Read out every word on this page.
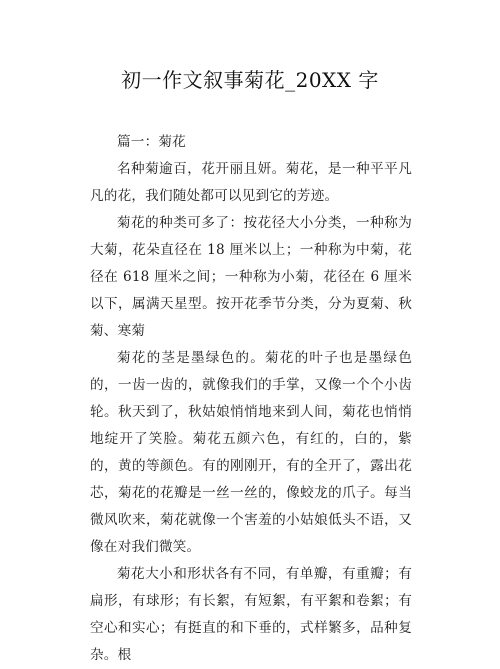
初一作文叙事菊花_20XX 字

篇一：菊花

名种菊逾百，花开丽且妍。菊花，是一种平平凡凡的花，我们随处都可以见到它的芳迹。

菊花的种类可多了：按花径大小分类，一种称为大菊，花朵直径在 18 厘米以上；一种称为中菊，花径在 618 厘米之间；一种称为小菊，花径在 6 厘米以下，属满天星型。按开花季节分类，分为夏菊、秋菊、寒菊

菊花的茎是墨绿色的。菊花的叶子也是墨绿色的，一齿一齿的，就像我们的手掌，又像一个个小齿轮。秋天到了，秋姑娘悄悄地来到人间，菊花也悄悄地绽开了笑脸。菊花五颜六色，有红的，白的，紫的，黄的等颜色。有的刚刚开，有的全开了，露出花芯，菊花的花瓣是一丝一丝的，像蛟龙的爪子。每当微风吹来，菊花就像一个害羞的小姑娘低头不语，又像在对我们微笑。

菊花大小和形状各有不同，有单瓣，有重瓣；有扁形，有球形；有长絮，有短絮，有平絮和卷絮；有空心和实心；有挺直的和下垂的，式样繁多，品种复杂。根
